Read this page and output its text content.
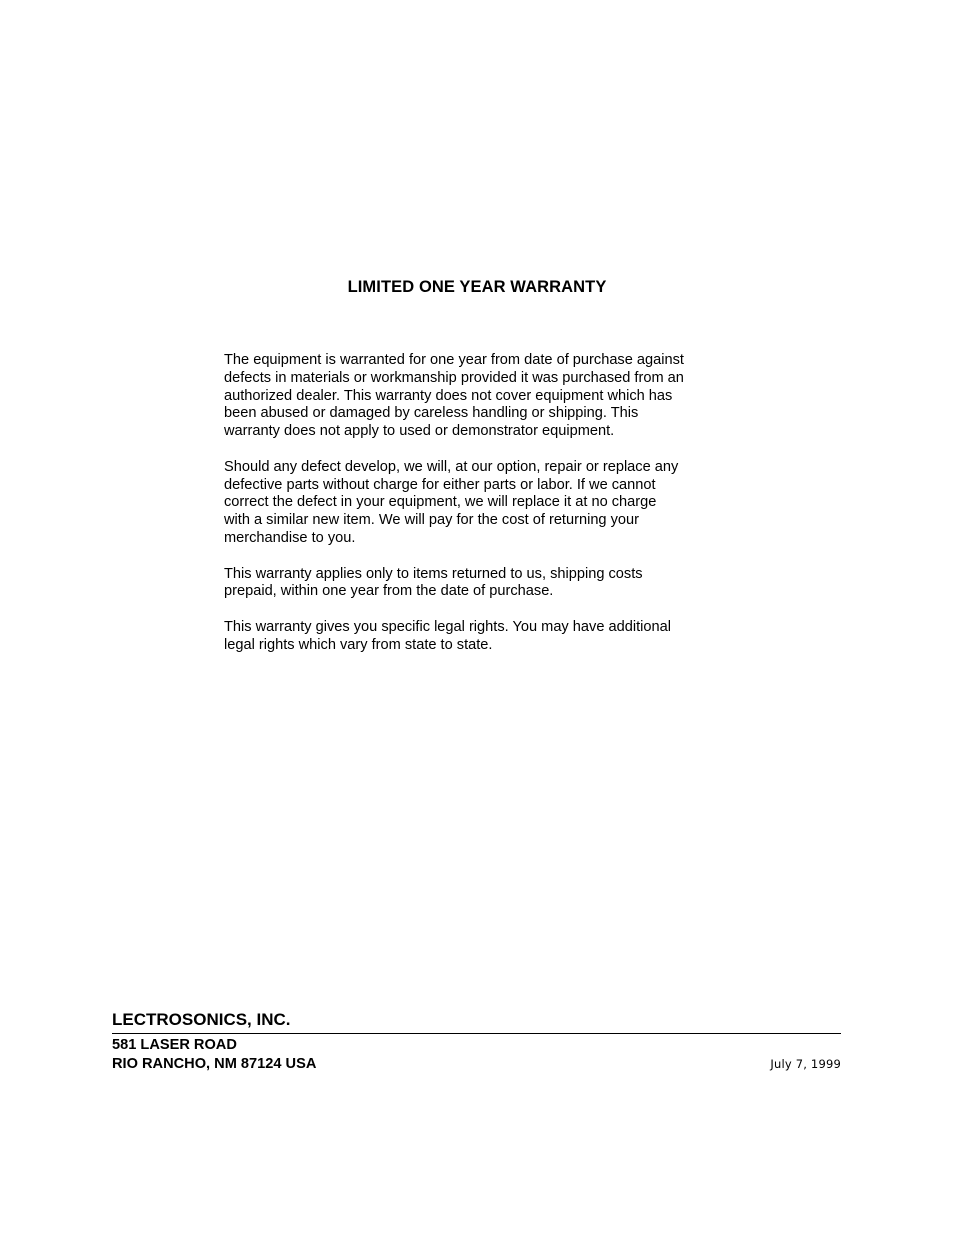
LIMITED ONE YEAR WARRANTY

The equipment is warranted for one year from date of purchase against
defects in materials or workmanship provided it was purchased from an
authorized dealer. This warranty does not cover equipment which has
been abused or damaged by careless handling or shipping. This
warranty does not apply to used or demonstrator equipment.

Should any defect develop, we will, at our option, repair or replace any
defective parts without charge for either parts or labor. If we cannot
correct the defect in your equipment, we will replace it at no charge
with a similar new item. We will pay for the cost of returning your
merchandise to you.

This warranty applies only to items returned to us, shipping costs
prepaid, within one year from the date of purchase.

This warranty gives you specific legal rights. You may have additional
legal rights which vary from state to state.

LECTROSONICS, INC.
581 LASER ROAD
RIO RANCHO, NM 87124 USA	July 7, 1999
